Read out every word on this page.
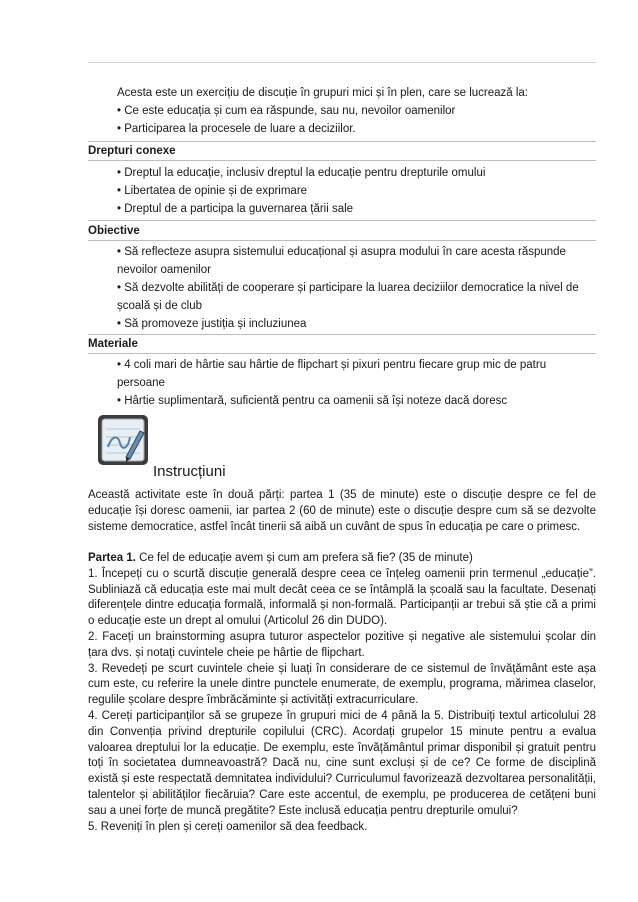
Acesta este un exercițiu de discuție în grupuri mici și în plen, care se lucrează la:
• Ce este educația și cum ea răspunde, sau nu, nevoilor oamenilor
• Participarea la procesele de luare a deciziilor.
Drepturi conexe
• Dreptul la educație, inclusiv dreptul la educație pentru drepturile omului
• Libertatea de opinie și de exprimare
• Dreptul de a participa la guvernarea țării sale
Obiective
• Să reflecteze asupra sistemului educațional și asupra modului în care acesta răspunde nevoilor oamenilor
• Să dezvolte abilități de cooperare și participare la luarea deciziilor democratice la nivel de școală și de club
• Să promoveze justiția și incluziunea
Materiale
• 4 coli mari de hârtie sau hârtie de flipchart și pixuri pentru fiecare grup mic de patru persoane
• Hârtie suplimentară, suficientă pentru ca oamenii să își noteze dacă doresc
Instrucțiuni

Această activitate este în două părți: partea 1 (35 de minute) este o discuție despre ce fel de educație își doresc oamenii, iar partea 2 (60 de minute) este o discuție despre cum să se dezvolte sisteme democratice, astfel încât tinerii să aibă un cuvânt de spus în educația pe care o primesc.

Partea 1. Ce fel de educație avem și cum am prefera să fie? (35 de minute)

1. Începeți cu o scurtă discuție generală despre ceea ce înțeleg oamenii prin termenul „educație”. Subliniază că educația este mai mult decât ceea ce se întâmplă la școală sau la facultate. Desenați diferențele dintre educația formală, informală și non-formală. Participanții ar trebui să știe că a primi o educație este un drept al omului (Articolul 26 din DUDO).

2. Faceți un brainstorming asupra tuturor aspectelor pozitive și negative ale sistemului școlar din țara dvs. și notați cuvintele cheie pe hârtie de flipchart.

3. Revedeți pe scurt cuvintele cheie și luați în considerare de ce sistemul de învățământ este așa cum este, cu referire la unele dintre punctele enumerate, de exemplu, programa, mărimea claselor, regulile școlare despre îmbrăcăminte și activități extracurriculare.

4. Cereți participanților să se grupeze în grupuri mici de 4 până la 5. Distribuiți textul articolului 28 din Convenția privind drepturile copilului (CRC). Acordați grupelor 15 minute pentru a evalua valoarea dreptului lor la educație. De exemplu, este învățământul primar disponibil și gratuit pentru toți în societatea dumneavoastră? Dacă nu, cine sunt excluși și de ce? Ce forme de disciplină există și este respectată demnitatea individului? Curriculumul favorizează dezvoltarea personalității, talentelor și abilităților fiecăruia? Care este accentul, de exemplu, pe producerea de cetățeni buni sau a unei forțe de muncă pregătite? Este inclusă educația pentru drepturile omului?

5. Reveniți în plen și cereți oamenilor să dea feedback.
